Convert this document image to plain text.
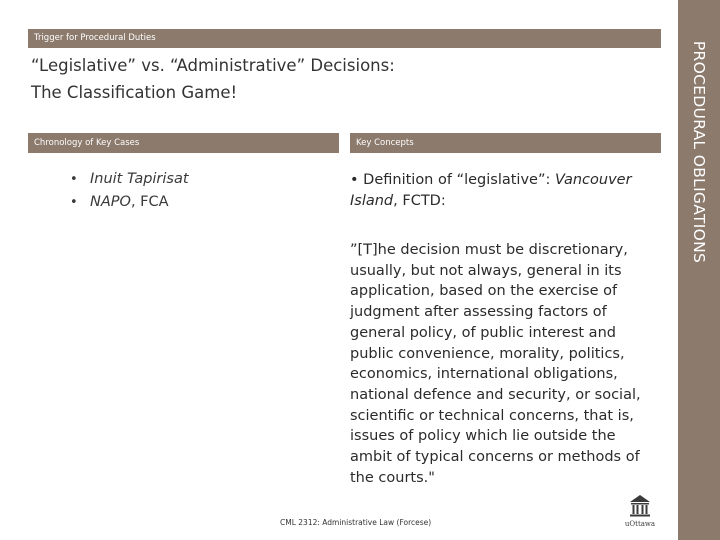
Trigger for Procedural Duties
“Legislative” vs. “Administrative” Decisions:
The Classification Game!	PROCEDURAL OBLIGATIONS
Chronology of Key Cases	Key Concepts
• Inuit Tapirisat
• NAPO, FCA
• Definition of “legislative”: Vancouver Island, FCTD:
”[T]he decision must be discretionary,
usually, but not always, general in its
application, based on the exercise of
judgment after assessing factors of
general policy, of public interest and
public convenience, morality, politics,
economics, international obligations,
national defence and security, or social,
scientific or technical concerns, that is,
issues of policy which lie outside the
ambit of typical concerns or methods of
the courts."
CML 2312: Administrative Law (Forcese)	uOttawa
